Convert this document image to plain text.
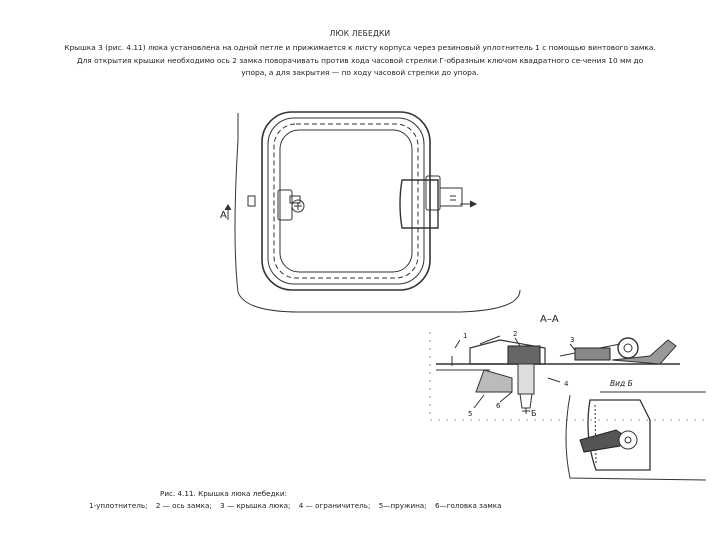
ЛЮК ЛЕБЕДКИ
Крышка 3 (рис. 4.11) люка установлена на одной петле и прижимается к листу корпуса через резиновый уплотнитель 1 с помощью винтового замка.
Для открытия крышки необходимо ось 2 замка поворачивать против хода часовой стрелки Г-образным ключом квадратного се-чения 10 мм до
упора, а для закрытия — по ходу часовой стрелки до упора.
А
А–А
Вид Б
Б
1	2
3
4
5
6
Рис. 4.11. Крышка люка лебедки:
1-уплотнитель; 2 — ось замка; 3 — крышка люка; 4 — ограничитель; 5—пружина; 6—головка замка
